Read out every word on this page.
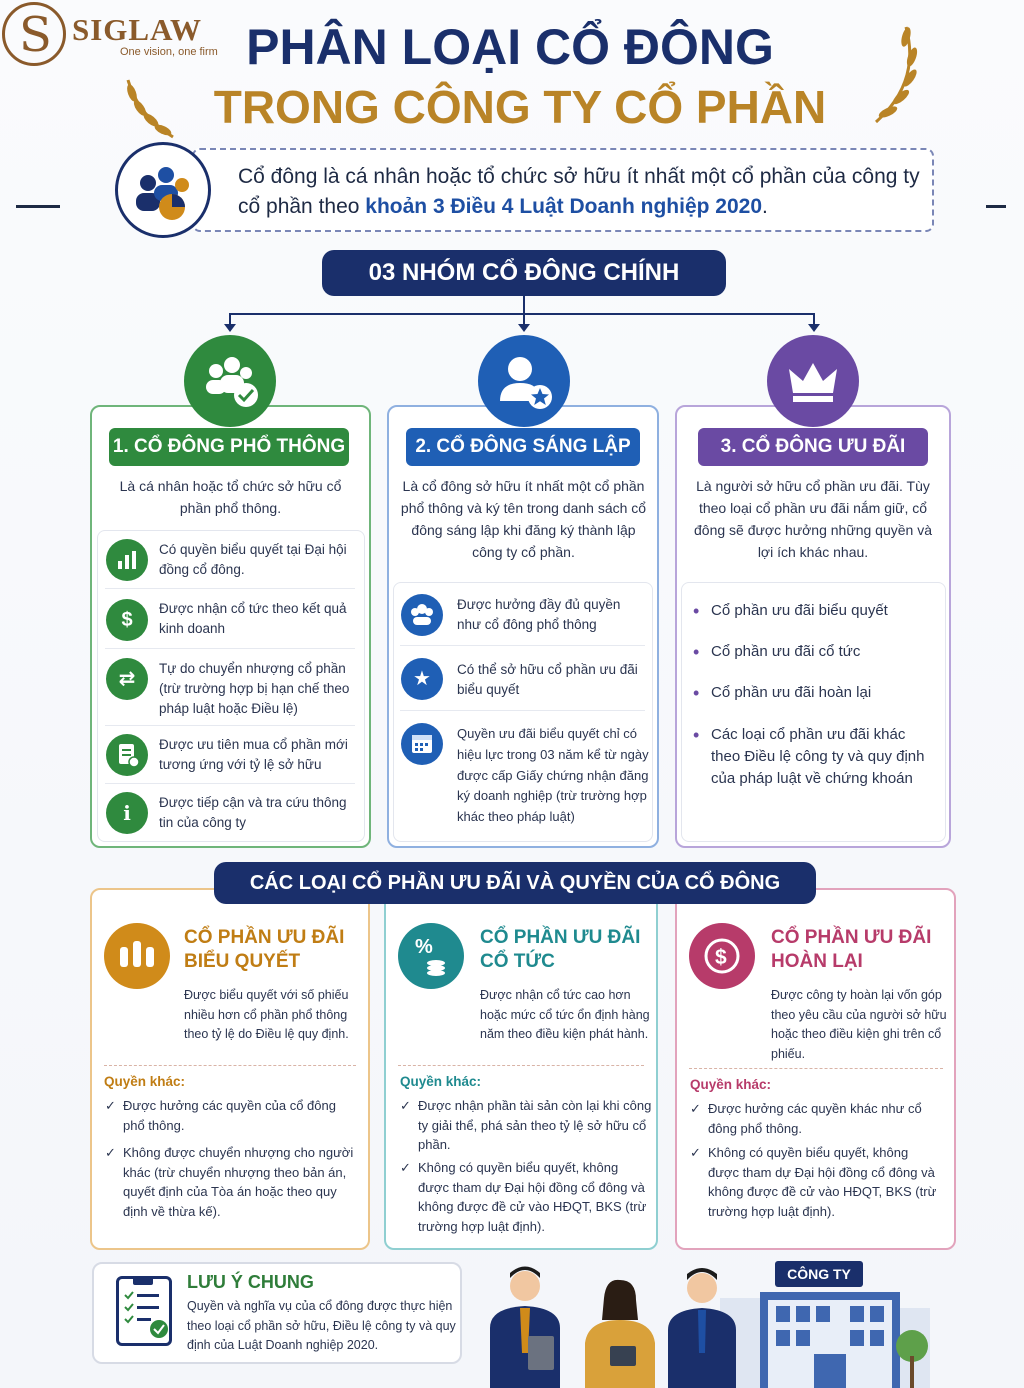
S
SIGLAW
One vision, one firm PHÂN LOẠI CỔ ĐÔNG
TRONG CÔNG TY CỔ PHẦN
Cổ đông là cá nhân hoặc tổ chức sở hữu ít nhất một cổ phần của công ty cổ phần theo khoản 3 Điều 4 Luật Doanh nghiệp 2020.
03 NHÓM CỔ ĐÔNG CHÍNH
1. CỔ ĐÔNG PHỔ THÔNG
Là cá nhân hoặc tổ chức sở hữu cổ phần phổ thông.
Có quyền biểu quyết tại Đại hội đồng cổ đông.
$
Được nhận cổ tức theo kết quả kinh doanh
⇄	Tự do chuyển nhượng cổ phần (trừ trường hợp bị hạn chế theo pháp luật hoặc Điều lệ)
Được ưu tiên mua cổ phần mới tương ứng với tỷ lệ sở hữu
i	Được tiếp cận và tra cứu thông tin của công ty
2. CỔ ĐÔNG SÁNG LẬP
Là cổ đông sở hữu ít nhất một cổ phần phổ thông và ký tên trong danh sách cổ đông sáng lập khi đăng ký thành lập công ty cổ phần.
Được hưởng đầy đủ quyền như cổ đông phổ thông
★	Có thể sở hữu cổ phần ưu đãi biểu quyết
Quyền ưu đãi biểu quyết chỉ có hiệu lực trong 03 năm kể từ ngày được cấp Giấy chứng nhận đăng ký doanh nghiệp (trừ trường hợp khác theo pháp luật)
3. CỔ ĐÔNG ƯU ĐÃI
Là người sở hữu cổ phần ưu đãi. Tùy theo loại cổ phần ưu đãi nắm giữ, cổ đông sẽ được hưởng những quyền và lợi ích khác nhau.
• Cổ phần ưu đãi biểu quyết
• Cổ phần ưu đãi cổ tức
• Cổ phần ưu đãi hoàn lại
• Các loại cổ phần ưu đãi khác theo Điều lệ công ty và quy định của pháp luật về chứng khoán
CÁC LOẠI CỔ PHẦN ƯU ĐÃI VÀ QUYỀN CỦA CỔ ĐÔNG
CỔ PHẦN ƯU ĐÃI
BIỂU QUYẾT
Được biểu quyết với số phiếu nhiều hơn cổ phần phổ thông theo tỷ lệ do Điều lệ quy định.
Quyền khác:
✓ Được hưởng các quyền của cổ đông phổ thông.
✓ Không được chuyển nhượng cho người khác (trừ chuyển nhượng theo bản án, quyết định của Tòa án hoặc theo quy định về thừa kế).
% CỔ PHẦN ƯU ĐÃI
CỔ TỨC
Được nhận cổ tức cao hơn hoặc mức cổ tức ổn định hàng năm theo điều kiện phát hành.
Quyền khác:
✓ Được nhận phần tài sản còn lại khi công ty giải thể, phá sản theo tỷ lệ sở hữu cổ phần.
✓ Không có quyền biểu quyết, không được tham dự Đại hội đồng cổ đông và không được đề cử vào HĐQT, BKS (trừ trường hợp luật định).
$
CỔ PHẦN ƯU ĐÃI
HOÀN LẠI
Được công ty hoàn lại vốn góp theo yêu cầu của người sở hữu hoặc theo điều kiện ghi trên cổ phiếu.
Quyền khác:
✓ Được hưởng các quyền khác như cổ đông phổ thông.
✓ Không có quyền biểu quyết, không được tham dự Đại hội đồng cổ đông và không được đề cử vào HĐQT, BKS (trừ trường hợp luật định).
LƯU Ý CHUNG
Quyền và nghĩa vụ của cổ đông được thực hiện theo loại cổ phần sở hữu, Điều lệ công ty và quy định của Luật Doanh nghiệp 2020.
CÔNG TY
